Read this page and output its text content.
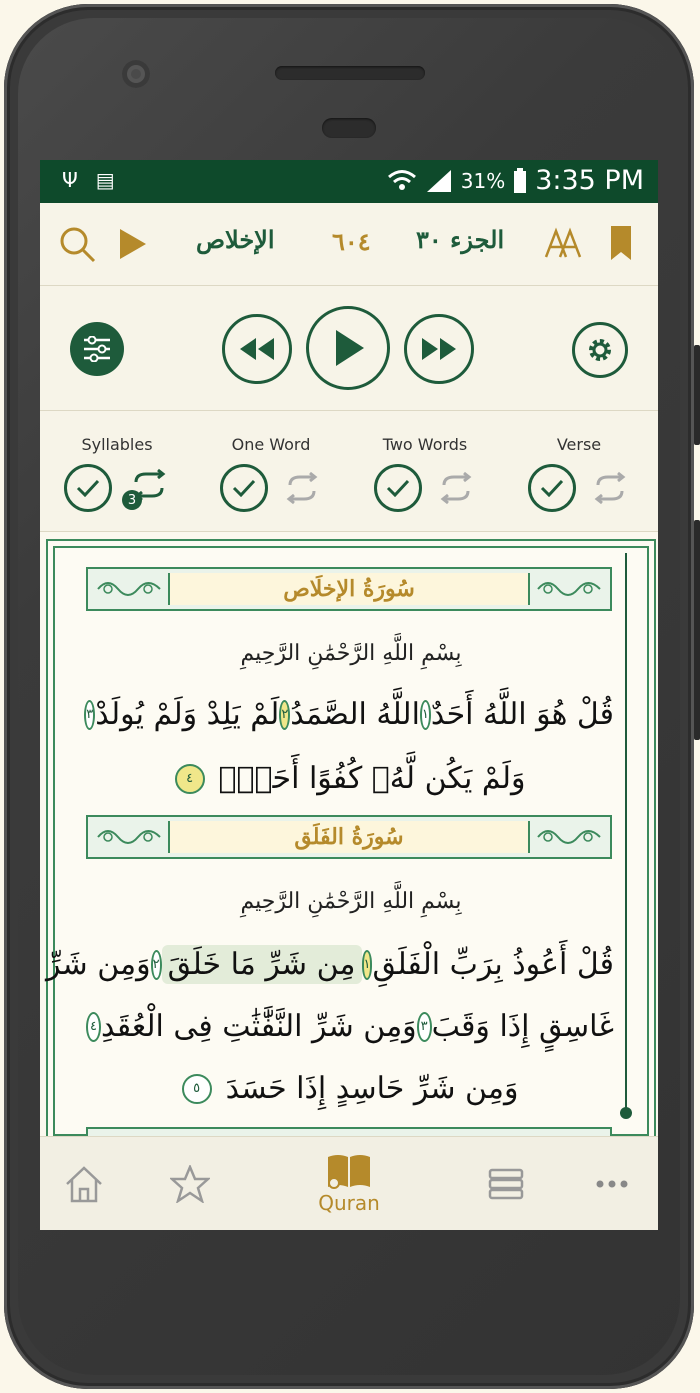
Ψ ▤	31% 3:35 PM
الإخلاص ٦٠٤ الجزء ٣٠
Syllables
3
One Word	Two Words	Verse
سُورَةُ الإخلَاص
بِسْمِ اللَّهِ الرَّحْمَٰنِ الرَّحِيمِ
قُلْ هُوَ اللَّهُ أَحَدٌ
١
اللَّهُ الصَّمَدُ
٢
لَمْ يَلِدْ وَلَمْ يُولَدْ
٣
وَلَمْ يَكُن لَّهُۥ كُفُوًا أَحَدٌۢ
٤
سُورَةُ الفَلَق
بِسْمِ اللَّهِ الرَّحْمَٰنِ الرَّحِيمِ
قُلْ أَعُوذُ بِرَبِّ الْفَلَقِ
١
مِن شَرِّ مَا خَلَقَ
٢
وَمِن شَرِّ
غَاسِقٍ إِذَا وَقَبَ
٣
وَمِن شَرِّ النَّفَّٰثَٰتِ فِى الْعُقَدِ
٤
وَمِن شَرِّ حَاسِدٍ إِذَا حَسَدَ
٥
Quran
